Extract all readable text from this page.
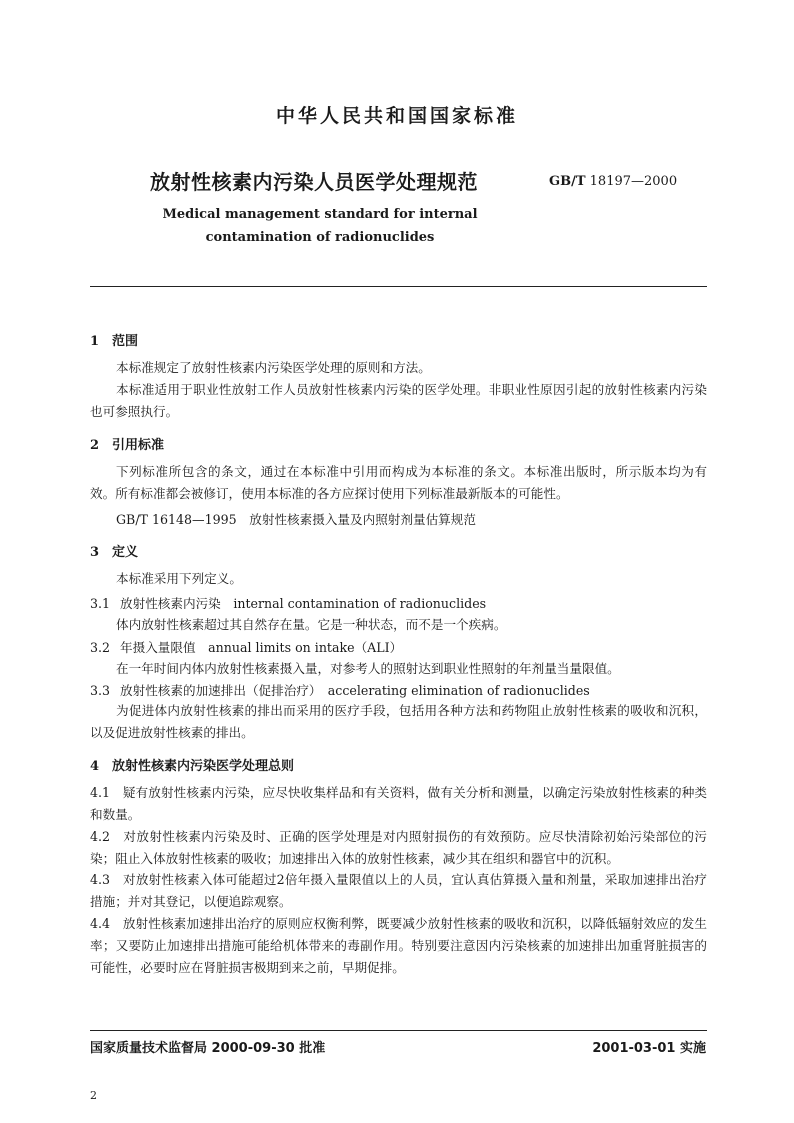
中华人民共和国国家标准
放射性核素内污染人员医学处理规范	GB/T 18197—2000
Medical management standard for internal
contamination of radionuclides
1 范围
本标准规定了放射性核素内污染医学处理的原则和方法。
本标准适用于职业性放射工作人员放射性核素内污染的医学处理。非职业性原因引起的放射性核素内污染也可参照执行。
2 引用标准
下列标准所包含的条文，通过在本标准中引用而构成为本标准的条文。本标准出版时，所示版本均为有效。所有标准都会被修订，使用本标准的各方应探讨使用下列标准最新版本的可能性。
GB/T 16148—1995　放射性核素摄入量及内照射剂量估算规范
3 定义
本标准采用下列定义。
3.1 放射性核素内污染　internal contamination of radionuclides
体内放射性核素超过其自然存在量。它是一种状态，而不是一个疾病。
3.2 年摄入量限值　annual limits on intake（ALI）
在一年时间内体内放射性核素摄入量，对参考人的照射达到职业性照射的年剂量当量限值。
3.3 放射性核素的加速排出（促排治疗）　accelerating elimination of radionuclides
为促进体内放射性核素的排出而采用的医疗手段，包括用各种方法和药物阻止放射性核素的吸收和沉积，以及促进放射性核素的排出。
4 放射性核素内污染医学处理总则
4.1　疑有放射性核素内污染，应尽快收集样品和有关资料，做有关分析和测量，以确定污染放射性核素的种类和数量。
4.2　对放射性核素内污染及时、正确的医学处理是对内照射损伤的有效预防。应尽快清除初始污染部位的污染；阻止入体放射性核素的吸收；加速排出入体的放射性核素，减少其在组织和器官中的沉积。
4.3　对放射性核素入体可能超过2倍年摄入量限值以上的人员，宜认真估算摄入量和剂量，采取加速排出治疗措施；并对其登记，以便追踪观察。
4.4　放射性核素加速排出治疗的原则应权衡利弊，既要减少放射性核素的吸收和沉积，以降低辐射效应的发生率；又要防止加速排出措施可能给机体带来的毒副作用。特别要注意因内污染核素的加速排出加重肾脏损害的可能性，必要时应在肾脏损害极期到来之前，早期促排。
国家质量技术监督局 2000-09-30 批准	2001-03-01 实施
2
